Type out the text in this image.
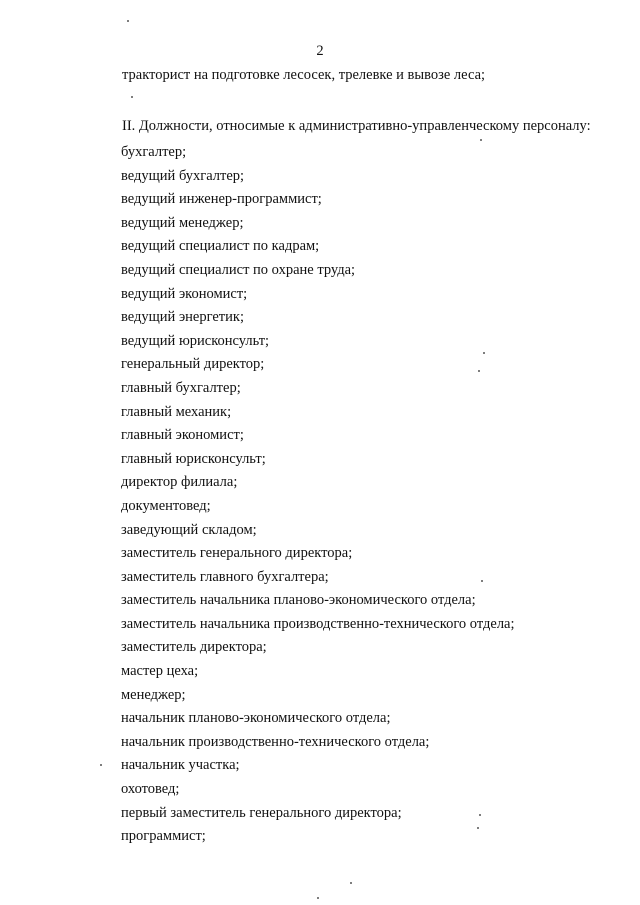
2
тракторист на подготовке лесосек, трелевке и вывозе леса;
II. Должности, относимые к административно-управленческому персоналу:
бухгалтер;
ведущий бухгалтер;
ведущий инженер-программист;
ведущий менеджер;
ведущий специалист по кадрам;
ведущий специалист по охране труда;
ведущий экономист;
ведущий энергетик;
ведущий юрисконсульт;
генеральный директор;
главный бухгалтер;
главный механик;
главный экономист;
главный юрисконсульт;
директор филиала;
документовед;
заведующий складом;
заместитель генерального директора;
заместитель главного бухгалтера;
заместитель начальника планово-экономического отдела;
заместитель начальника производственно-технического отдела;
заместитель директора;
мастер цеха;
менеджер;
начальник планово-экономического отдела;
начальник производственно-технического отдела;
начальник участка;
охотовед;
первый заместитель генерального директора;
программист;
